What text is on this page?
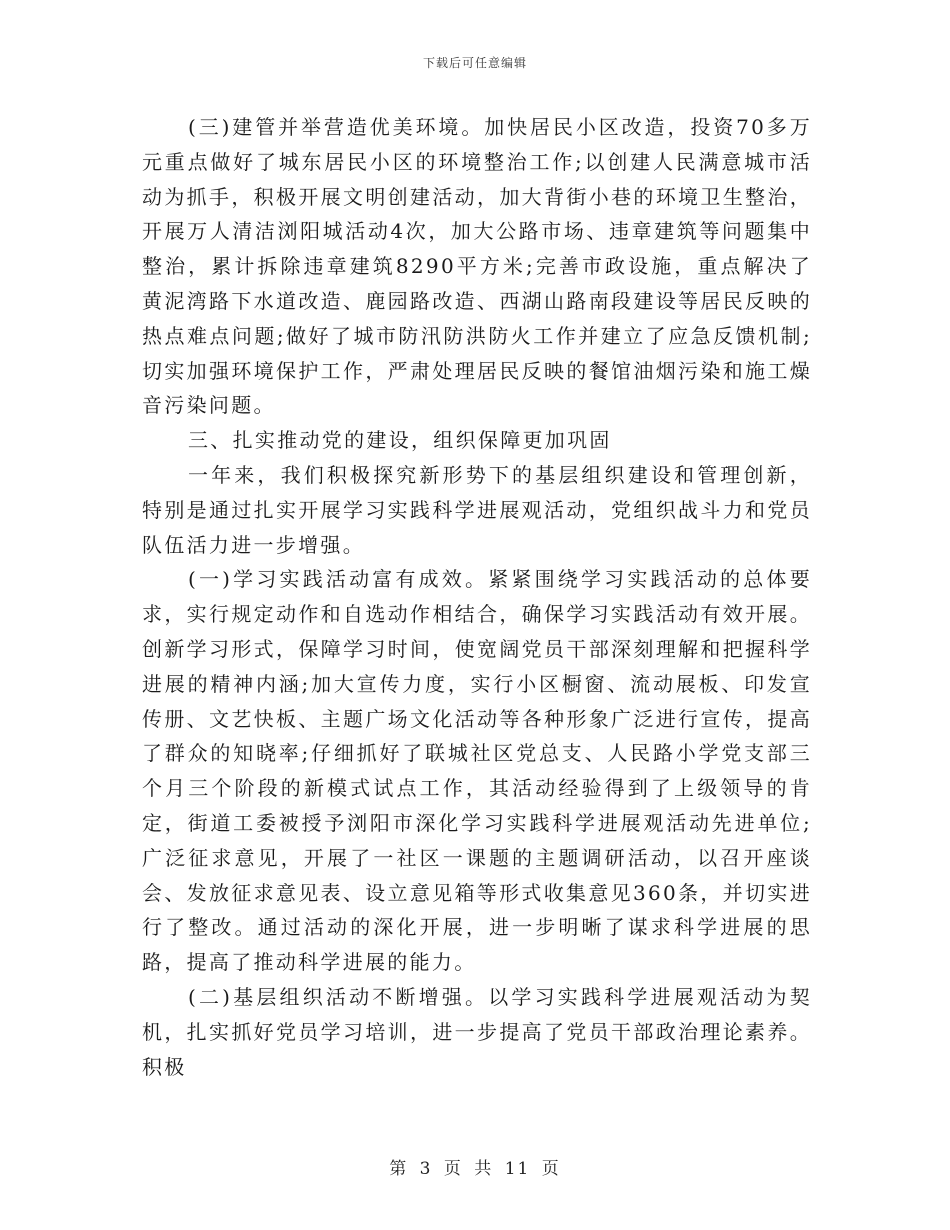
下载后可任意编辑

(三)建管并举营造优美环境。加快居民小区改造，投资70多万元重点做好了城东居民小区的环境整治工作;以创建人民满意城市活动为抓手，积极开展文明创建活动，加大背街小巷的环境卫生整治，开展万人清洁浏阳城活动4次，加大公路市场、违章建筑等问题集中整治，累计拆除违章建筑8290平方米;完善市政设施，重点解决了黄泥湾路下水道改造、鹿园路改造、西湖山路南段建设等居民反映的热点难点问题;做好了城市防汛防洪防火工作并建立了应急反馈机制;切实加强环境保护工作，严肃处理居民反映的餐馆油烟污染和施工燥音污染问题。

三、扎实推动党的建设，组织保障更加巩固

一年来，我们积极探究新形势下的基层组织建设和管理创新，特别是通过扎实开展学习实践科学进展观活动，党组织战斗力和党员队伍活力进一步增强。

(一)学习实践活动富有成效。紧紧围绕学习实践活动的总体要求，实行规定动作和自选动作相结合，确保学习实践活动有效开展。创新学习形式，保障学习时间，使宽阔党员干部深刻理解和把握科学进展的精神内涵;加大宣传力度，实行小区橱窗、流动展板、印发宣传册、文艺快板、主题广场文化活动等各种形象广泛进行宣传，提高了群众的知晓率;仔细抓好了联城社区党总支、人民路小学党支部三个月三个阶段的新模式试点工作，其活动经验得到了上级领导的肯定，街道工委被授予浏阳市深化学习实践科学进展观活动先进单位;广泛征求意见，开展了一社区一课题的主题调研活动，以召开座谈会、发放征求意见表、设立意见箱等形式收集意见360条，并切实进行了整改。通过活动的深化开展，进一步明晰了谋求科学进展的思路，提高了推动科学进展的能力。

(二)基层组织活动不断增强。以学习实践科学进展观活动为契机，扎实抓好党员学习培训，进一步提高了党员干部政治理论素养。积极

第 3 页 共 11 页
